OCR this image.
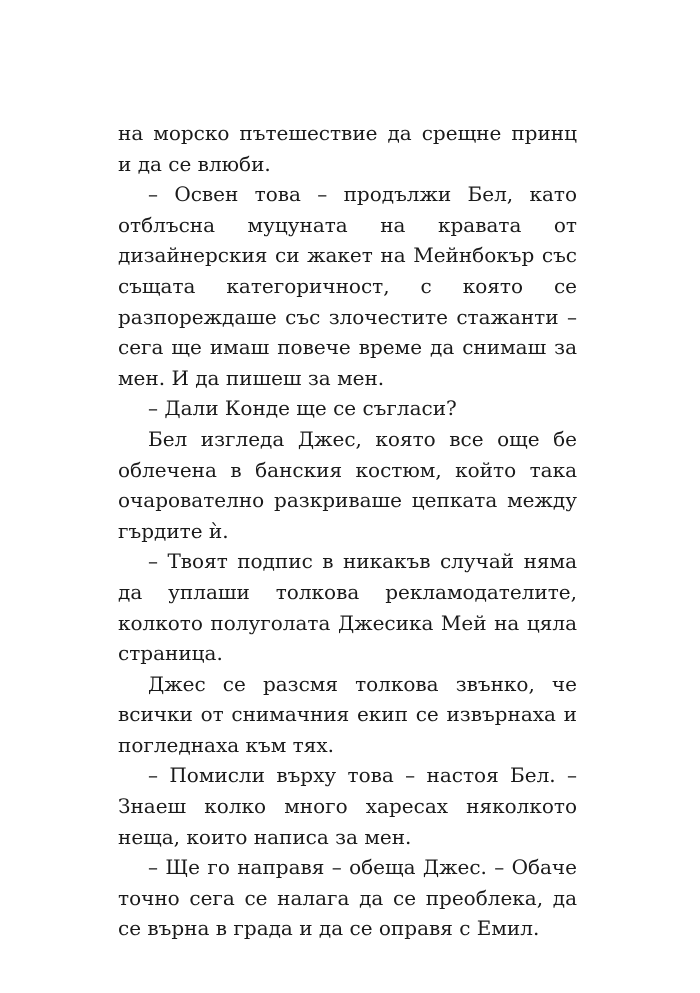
на морско пътешествие да срещне принц и да се влюби.

– Освен това – продължи Бел, като отблъсна муцуната на кравата от дизайнерския си жакет на Мейнбокър със същата категоричност, с която се разпореждаше със злочестите стажанти – сега ще имаш повече време да снимаш за мен. И да пишеш за мен.

– Дали Конде ще се съгласи?

Бел изгледа Джес, която все още бе облечена в банския костюм, който така очарователно разкриваше цепката между гърдите ѝ.

– Твоят подпис в никакъв случай няма да уплаши толкова рекламодателите, колкото полуголата Джесика Мей на цяла страница.

Джес се разсмя толкова звънко, че всички от снимачния екип се извърнаха и погледнаха към тях.

– Помисли върху това – настоя Бел. – Знаеш колко много харесах няколкото неща, които написа за мен.

– Ще го направя – обеща Джес. – Обаче точно сега се налага да се преоблека, да се върна в града и да се оправя с Емил.
